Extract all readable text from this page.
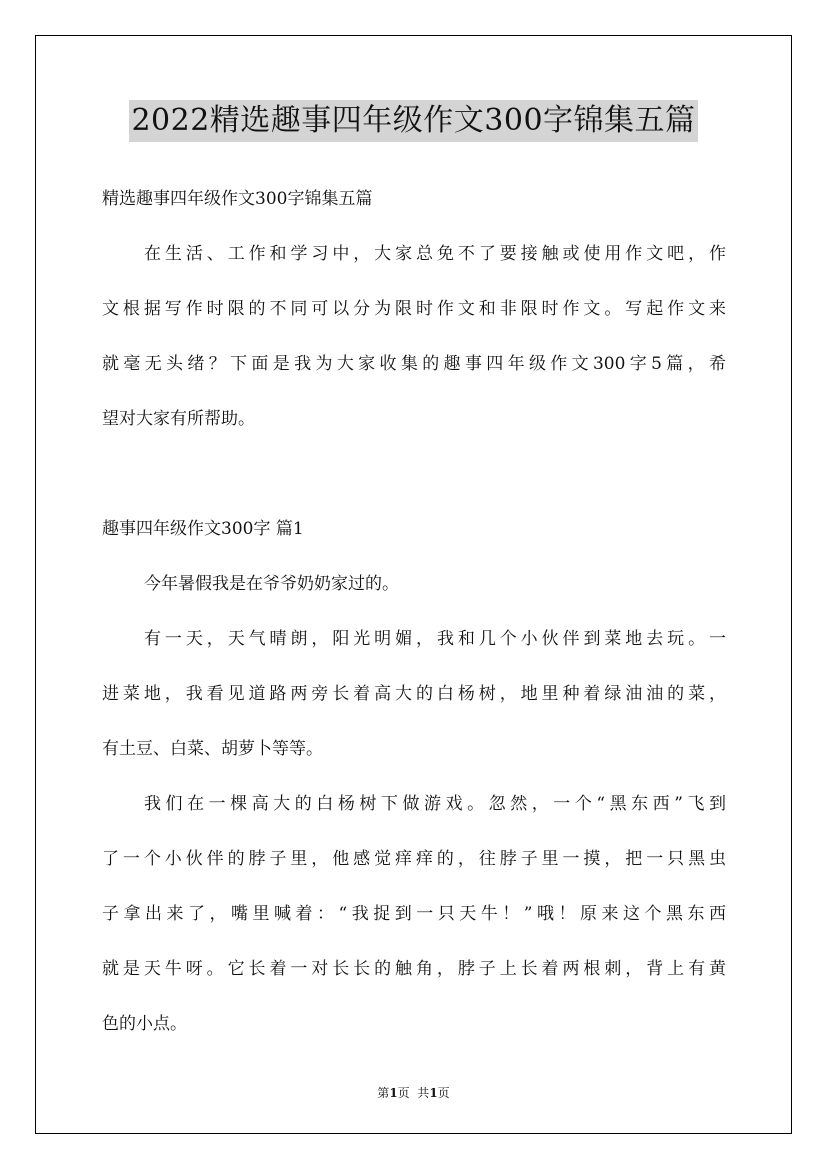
2022精选趣事四年级作文300字锦集五篇
精选趣事四年级作文300字锦集五篇
在生活、工作和学习中，大家总免不了要接触或使用作文吧，作
文根据写作时限的不同可以分为限时作文和非限时作文。写起作文来
就毫无头绪？下面是我为大家收集的趣事四年级作文300字5篇，希
望对大家有所帮助。
趣事四年级作文300字 篇1
今年暑假我是在爷爷奶奶家过的。
有一天，天气晴朗，阳光明媚，我和几个小伙伴到菜地去玩。一
进菜地，我看见道路两旁长着高大的白杨树，地里种着绿油油的菜，
有土豆、白菜、胡萝卜等等。
我们在一棵高大的白杨树下做游戏。忽然，一个“黑东西”飞到
了一个小伙伴的脖子里，他感觉痒痒的，往脖子里一摸，把一只黑虫
子拿出来了，嘴里喊着：“我捉到一只天牛！”哦！原来这个黑东西
就是天牛呀。它长着一对长长的触角，脖子上长着两根刺，背上有黄
色的小点。
第1页  共1页
